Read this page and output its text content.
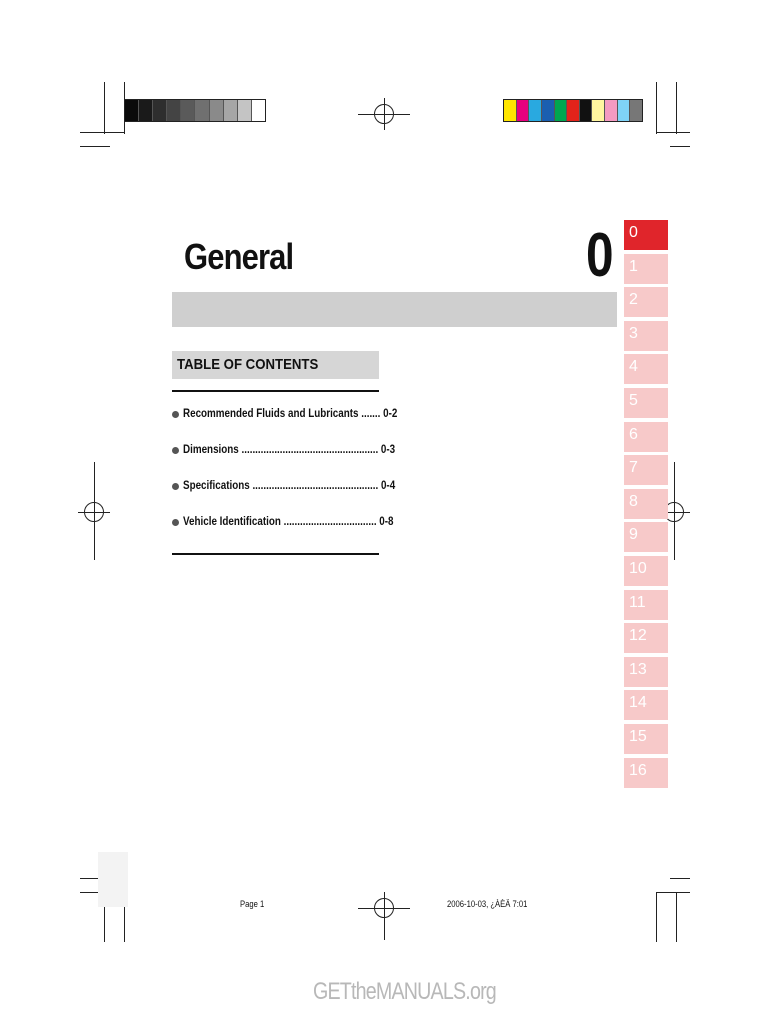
General	0
TABLE OF CONTENTS
Recommended Fluids and Lubricants ....... 0-2
Dimensions .................................................. 0-3
Specifications .............................................. 0-4
Vehicle Identification .................................. 0-8
0
1
2
3
4
5
6
7
8
9
10
11
12
13
14
15
16
Page 1	2006-10-03, ¿ÀÈÄ 7:01
GETtheMANUALS.org
